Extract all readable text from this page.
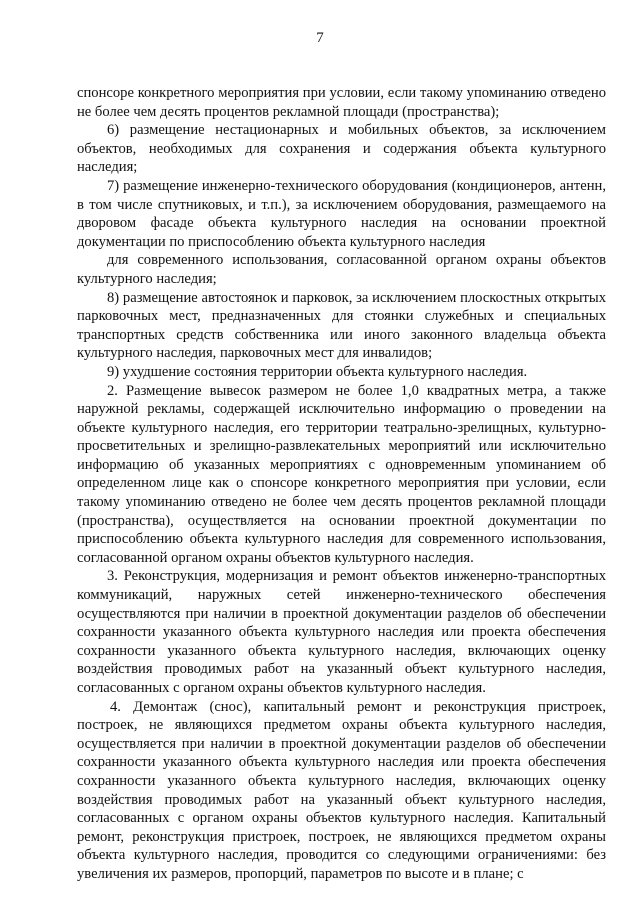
7

спонсоре конкретного мероприятия при условии, если такому упоминанию отведено не более чем десять процентов рекламной площади (пространства);

6) размещение нестационарных и мобильных объектов, за исключением объектов, необходимых для сохранения и содержания объекта культурного наследия;

7) размещение инженерно-технического оборудования (кондиционеров, антенн, в том числе спутниковых, и т.п.), за исключением оборудования, размещаемого на дворовом фасаде объекта культурного наследия на основании проектной документации по приспособлению объекта культурного наследия

для современного использования, согласованной органом охраны объектов культурного наследия;

8) размещение автостоянок и парковок, за исключением плоскостных открытых парковочных мест, предназначенных для стоянки служебных и специальных транспортных средств собственника или иного законного владельца объекта культурного наследия, парковочных мест для инвалидов;

9) ухудшение состояния территории объекта культурного наследия.

2. Размещение вывесок размером не более 1,0 квадратных метра, а также наружной рекламы, содержащей исключительно информацию о проведении на объекте культурного наследия, его территории театрально-зрелищных, культурно-просветительных и зрелищно-развлекательных мероприятий или исключительно информацию об указанных мероприятиях с одновременным упоминанием об определенном лице как о спонсоре конкретного мероприятия при условии, если такому упоминанию отведено не более чем десять процентов рекламной площади (пространства), осуществляется на основании проектной документации по приспособлению объекта культурного наследия для современного использования, согласованной органом охраны объектов культурного наследия.

3. Реконструкция, модернизация и ремонт объектов инженерно-транспортных коммуникаций, наружных сетей инженерно-технического обеспечения осуществляются при наличии в проектной документации разделов об обеспечении сохранности указанного объекта культурного наследия или проекта обеспечения сохранности указанного объекта культурного наследия, включающих оценку воздействия проводимых работ на указанный объект культурного наследия, согласованных с органом охраны объектов культурного наследия.

4. Демонтаж (снос), капитальный ремонт и реконструкция пристроек, построек, не являющихся предметом охраны объекта культурного наследия, осуществляется при наличии в проектной документации разделов об обеспечении сохранности указанного объекта культурного наследия или проекта обеспечения сохранности указанного объекта культурного наследия, включающих оценку воздействия проводимых работ на указанный объект культурного наследия, согласованных с органом охраны объектов культурного наследия. Капитальный ремонт, реконструкция пристроек, построек, не являющихся предметом охраны объекта культурного наследия, проводится со следующими ограничениями: без увеличения их размеров, пропорций, параметров по высоте и в плане; с
